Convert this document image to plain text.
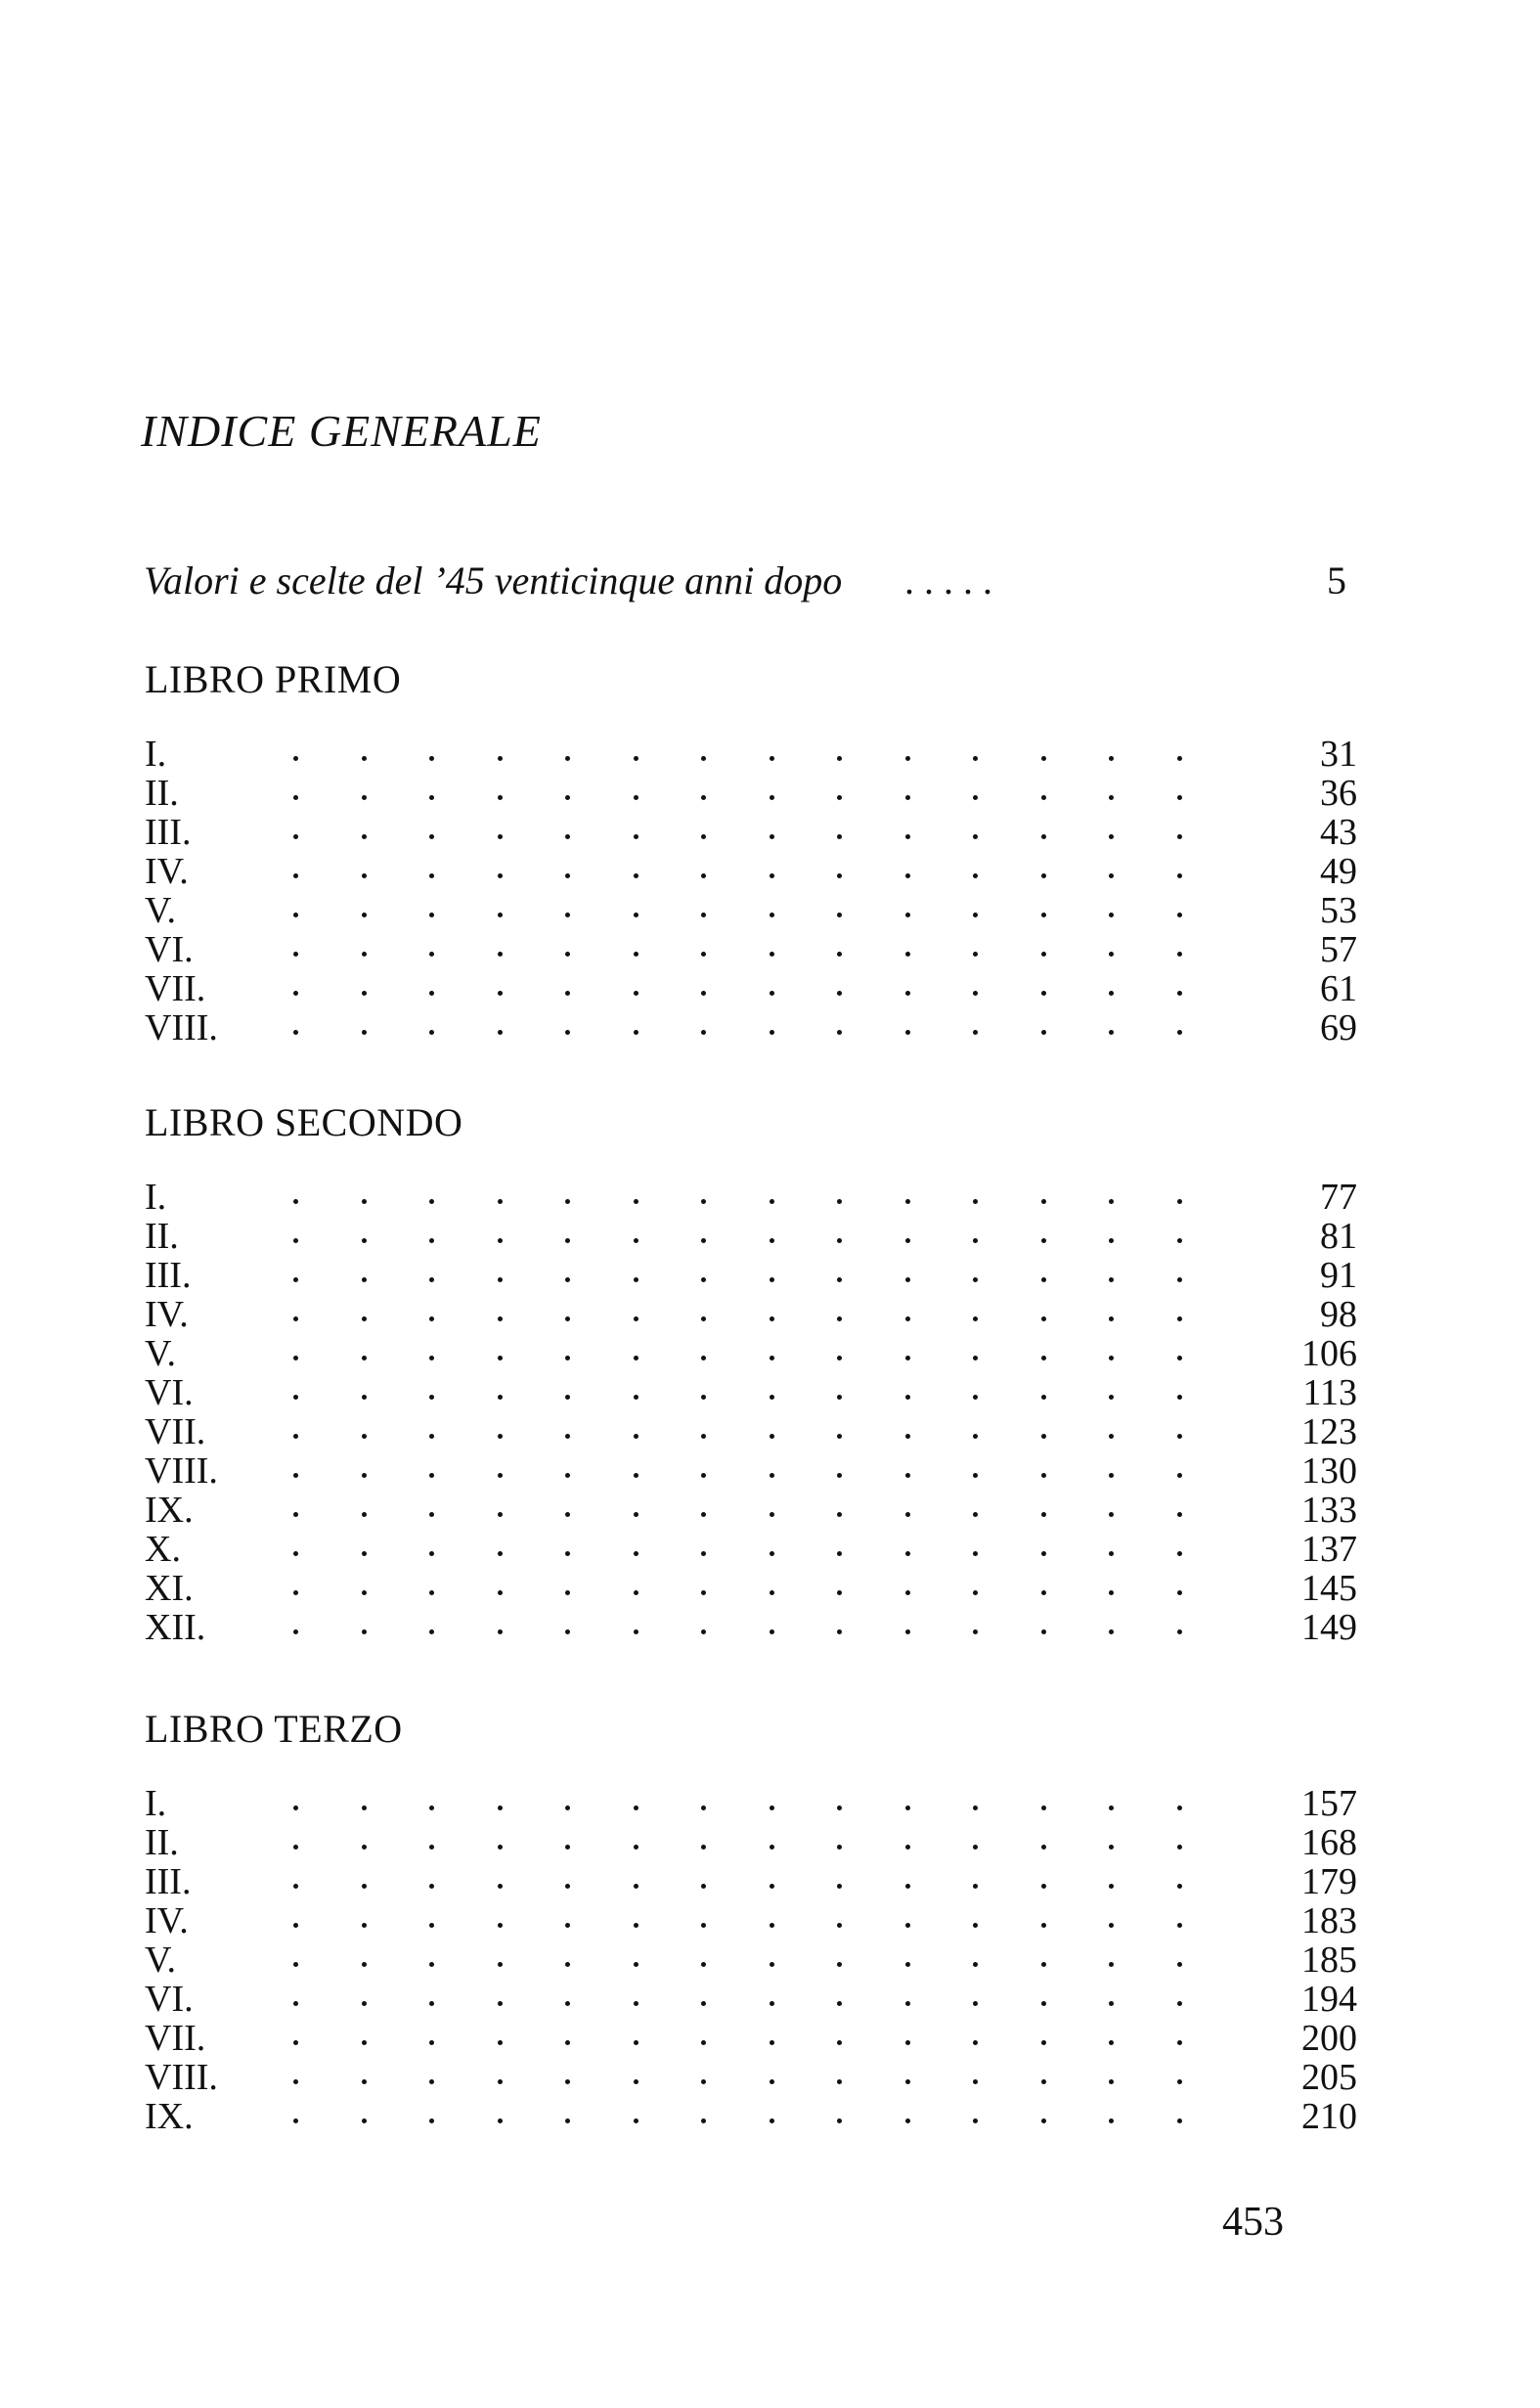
INDICE GENERALE
Valori e scelte del ’45 venticinque anni dopo . . . . .	5
LIBRO PRIMO
I.	31
II.	36
III.	43
IV.	49
V.	53
VI.	57
VII.	61
VIII.	69
LIBRO SECONDO
I.	77
II.	81
III.	91
IV.	98
V.	106
VI.	113
VII.	123
VIII.	130
IX.	133
X.	137
XI.	145
XII.	149
LIBRO TERZO
I.	157
II.	168
III.	179
IV.	183
V.	185
VI.	194
VII.	200
VIII.	205
IX.	210
453
